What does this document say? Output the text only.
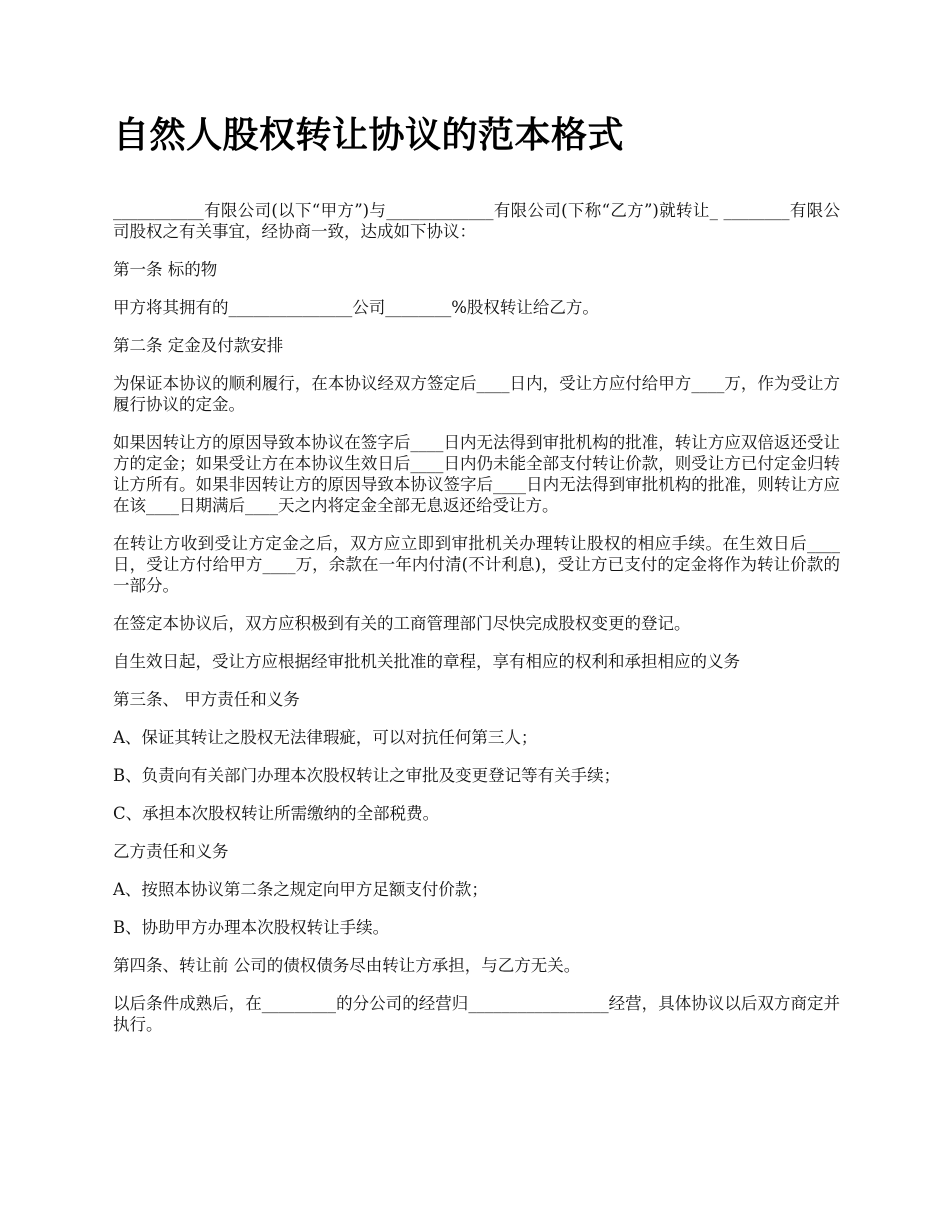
自然人股权转让协议的范本格式

___________有限公司(以下“甲方”)与_____________有限公司(下称“乙方”)就转让_ ________有限公司股权之有关事宜，经协商一致，达成如下协议：

第一条 标的物

甲方将其拥有的_______________公司________%股权转让给乙方。

第二条 定金及付款安排

为保证本协议的顺利履行，在本协议经双方签定后____日内，受让方应付给甲方____万，作为受让方履行协议的定金。

如果因转让方的原因导致本协议在签字后____日内无法得到审批机构的批准，转让方应双倍返还受让方的定金；如果受让方在本协议生效日后____日内仍未能全部支付转让价款，则受让方已付定金归转让方所有。如果非因转让方的原因导致本协议签字后____日内无法得到审批机构的批准，则转让方应在该____日期满后____天之内将定金全部无息返还给受让方。

在转让方收到受让方定金之后，双方应立即到审批机关办理转让股权的相应手续。在生效日后____日，受让方付给甲方____万，余款在一年内付清(不计利息)，受让方已支付的定金将作为转让价款的一部分。

在签定本协议后，双方应积极到有关的工商管理部门尽快完成股权变更的登记。

自生效日起，受让方应根据经审批机关批准的章程，享有相应的权利和承担相应的义务

第三条、 甲方责任和义务

A、保证其转让之股权无法律瑕疵，可以对抗任何第三人；

B、负责向有关部门办理本次股权转让之审批及变更登记等有关手续；

C、承担本次股权转让所需缴纳的全部税费。

乙方责任和义务

A、按照本协议第二条之规定向甲方足额支付价款；

B、协助甲方办理本次股权转让手续。

第四条、转让前 公司的债权债务尽由转让方承担，与乙方无关。

以后条件成熟后，在_________的分公司的经营归_________________经营，具体协议以后双方商定并执行。
